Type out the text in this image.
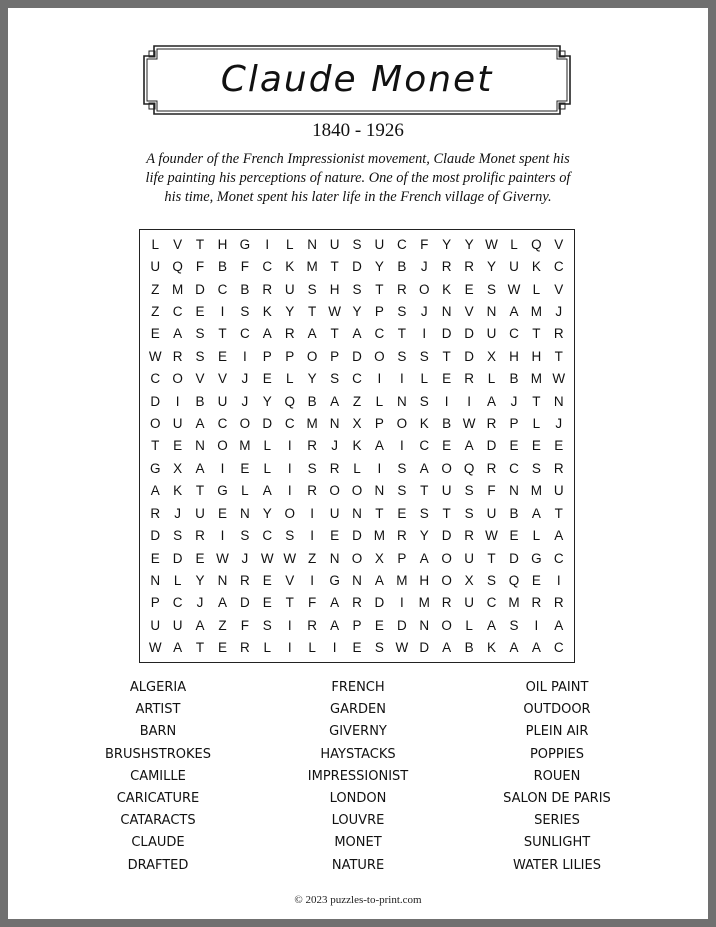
Claude Monet
1840 - 1926
A founder of the French Impressionist movement, Claude Monet spent his
life painting his perceptions of nature. One of the most prolific painters of
his time, Monet spent his later life in the French village of Giverny.
L	V	T H G	I	L	N U S U C F	Y Y W L Q V
U Q F	B	F C K M T D Y B	J	R R Y U K C
Z M D C B R U S H S	T R O K E S W L	V
Z C E	I	S K Y	T W Y P S	J	N V N A M J
E A S	T C A R A	T	A C T	I	D D U C T R
W R S E	I	P P O P D O S S	T D X H H T
C O V V	J	E	L	Y S C	I	I	L	E R	L	B M W
D	I	B U	J	Y Q B A	Z	L	N S	I	I	A	J	T N
O U A C O D C M N X P O K B W R P	L	J
T	E N O M L	I	R	J	K A	I	C E A D E E E
G X A	I	E	L	I	S R	L	I	S A O Q R C S R
A K	T G L	A	I	R O O N S	T U S	F N M U
R	J	U E N Y O	I	U N T	E S	T	S U B A	T
D S R	I	S C S	I	E D M R Y D R W E	L	A
E D E W J W W Z N O X P A O U T D G C
N	L	Y N R E V	I	G N A M H O X S Q E	I
P C	J	A D E	T	F	A R D	I	M R U C M R R
U U A	Z	F	S	I	R A P E D N O L	A S	I	A
W A	T	E R	L	I	L	I	E S W D A B K A A C
ALGERIA
ARTIST
BARN
BRUSHSTROKES
CAMILLE
CARICATURE
CATARACTS
CLAUDE
DRAFTED
FRENCH
GARDEN
GIVERNY
HAYSTACKS
IMPRESSIONIST
LONDON
LOUVRE
MONET
NATURE
OIL PAINT
OUTDOOR
PLEIN AIR
POPPIES
ROUEN
SALON DE PARIS
SERIES
SUNLIGHT
WATER LILIES
© 2023 puzzles-to-print.com
